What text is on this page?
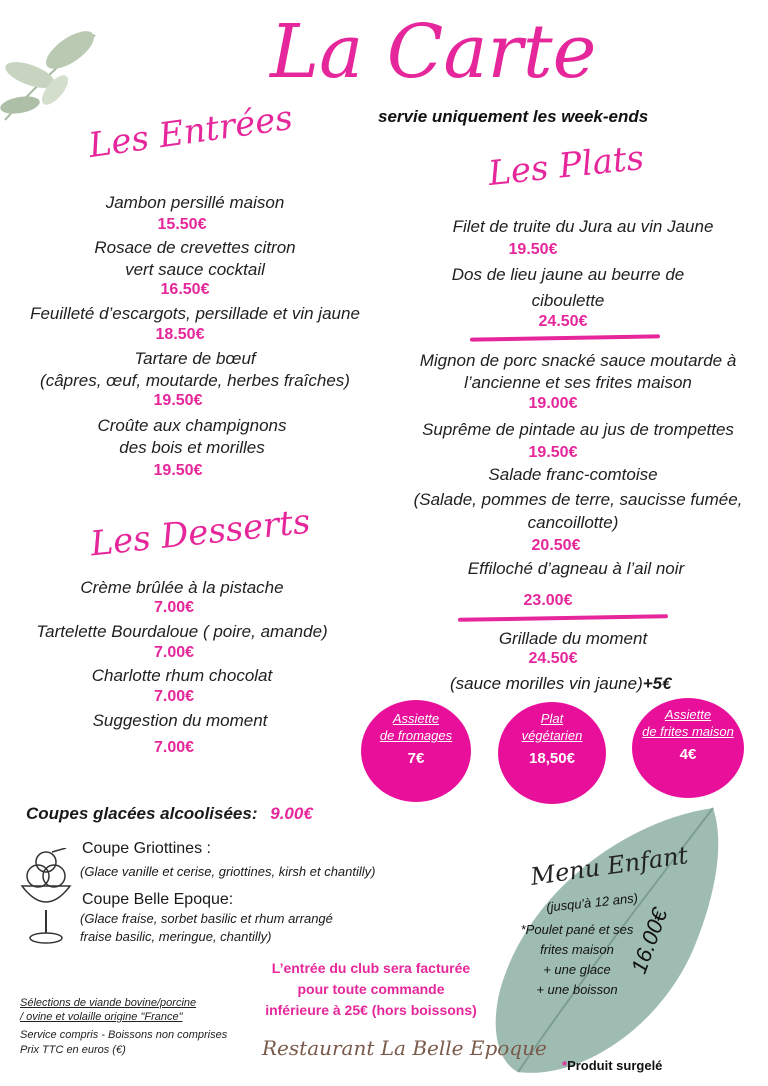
La Carte
servie uniquement les week-ends
Les Entrées	Les Plats
Les Desserts
Jambon persillé maison
15.50€
Rosace de crevettes citron
vert sauce cocktail
16.50€
Feuilleté d’escargots, persillade et vin jaune
18.50€
Tartare de bœuf
(câpres, œuf, moutarde, herbes fraîches)
19.50€
Croûte aux champignons
des bois et morilles
19.50€
Filet de truite du Jura au vin Jaune
19.50€
Dos de lieu jaune au beurre de
ciboulette
24.50€
Mignon de porc snacké sauce moutarde à
l’ancienne et ses frites maison
19.00€
Suprême de pintade au jus de trompettes
19.50€
Salade franc-comtoise
(Salade, pommes de terre, saucisse fumée,
cancoillotte)
20.50€
Effiloché d’agneau à l’ail noir
23.00€
Grillade du moment
24.50€
(sauce morilles vin jaune)+5€
Crème brûlée à la pistache
7.00€
Tartelette Bourdaloue ( poire, amande)
7.00€
Charlotte rhum chocolat
7.00€
Suggestion du moment
7.00€
Assiette
de fromages
7€
Plat
végétarien
18,50€
Assiette
de frites maison
4€
Coupes glacées alcoolisées: 9.00€
Coupe Griottines :
(Glace vanille et cerise, griottines, kirsh et chantilly)
Coupe Belle Epoque:
(Glace fraise, sorbet basilic et rhum arrangé
fraise basilic, meringue, chantilly)
Menu Enfant
(jusqu'à 12 ans)
*Poulet pané et ses
frites maison
+ une glace
+ une boisson
16.00€
L’entrée du club sera facturée
pour toute commande
inférieure à 25€ (hors boissons)
Sélections de viande bovine/porcine
/ ovine et volaille origine "France"
Service compris - Boissons non comprises
Prix TTC en euros (€)	Restaurant La Belle Epoque
*Produit surgelé
